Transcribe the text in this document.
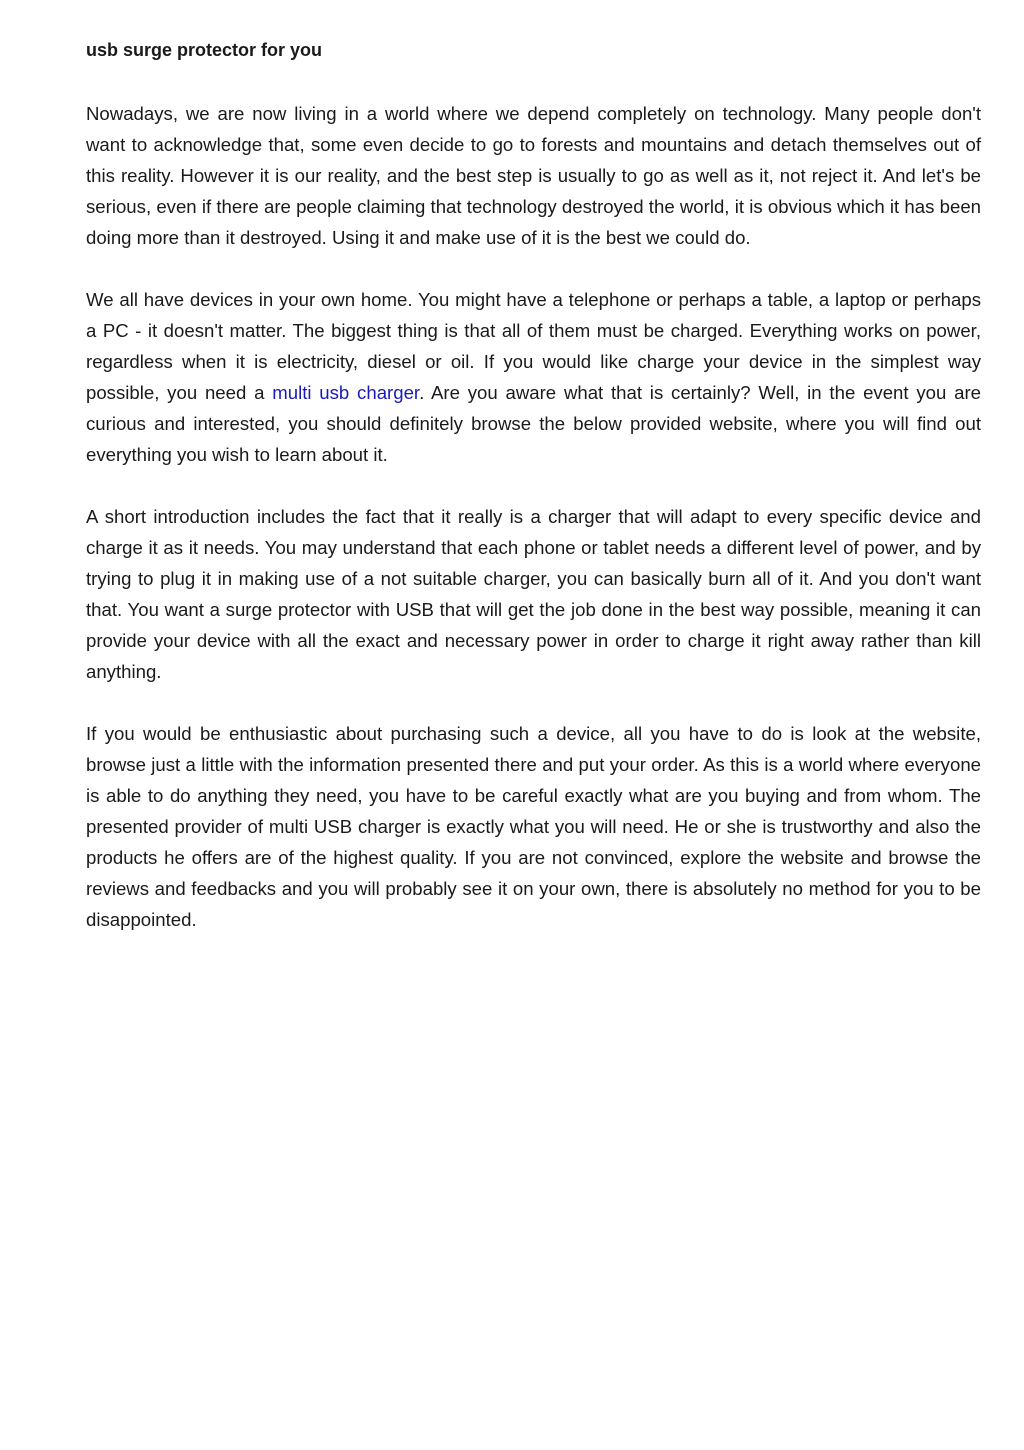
usb surge protector for you

Nowadays, we are now living in a world where we depend completely on technology. Many people don't want to acknowledge that, some even decide to go to forests and mountains and detach themselves out of this reality. However it is our reality, and the best step is usually to go as well as it, not reject it. And let's be serious, even if there are people claiming that technology destroyed the world, it is obvious which it has been doing more than it destroyed. Using it and make use of it is the best we could do.

We all have devices in your own home. You might have a telephone or perhaps a table, a laptop or perhaps a PC - it doesn't matter. The biggest thing is that all of them must be charged. Everything works on power, regardless when it is electricity, diesel or oil. If you would like charge your device in the simplest way possible, you need a multi usb charger. Are you aware what that is certainly? Well, in the event you are curious and interested, you should definitely browse the below provided website, where you will find out everything you wish to learn about it.

A short introduction includes the fact that it really is a charger that will adapt to every specific device and charge it as it needs. You may understand that each phone or tablet needs a different level of power, and by trying to plug it in making use of a not suitable charger, you can basically burn all of it. And you don't want that. You want a surge protector with USB that will get the job done in the best way possible, meaning it can provide your device with all the exact and necessary power in order to charge it right away rather than kill anything.

If you would be enthusiastic about purchasing such a device, all you have to do is look at the website, browse just a little with the information presented there and put your order. As this is a world where everyone is able to do anything they need, you have to be careful exactly what are you buying and from whom. The presented provider of multi USB charger is exactly what you will need. He or she is trustworthy and also the products he offers are of the highest quality. If you are not convinced, explore the website and browse the reviews and feedbacks and you will probably see it on your own, there is absolutely no method for you to be disappointed.
